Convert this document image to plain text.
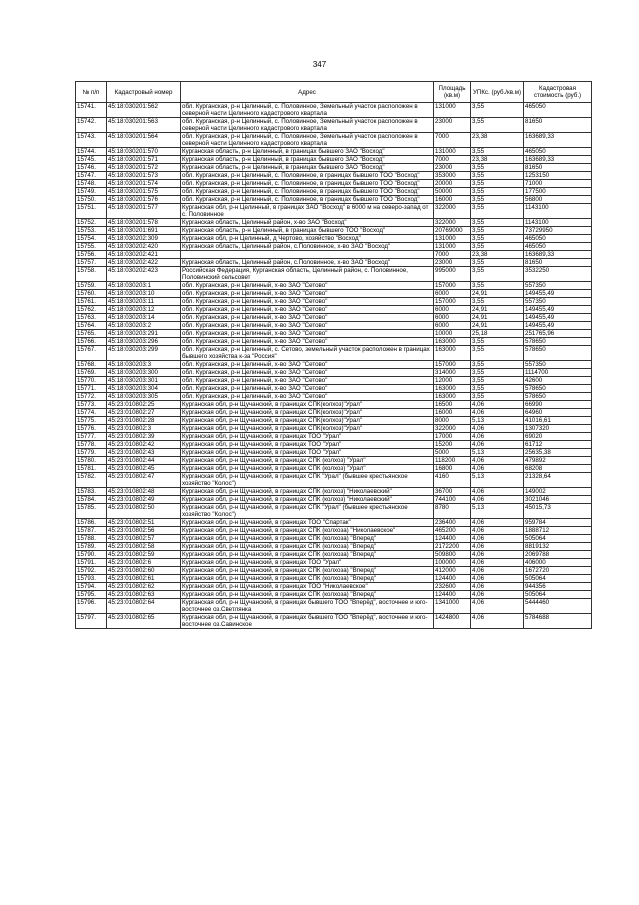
347
№ п/п	Кадастровый номер	Адрес	Площадь (кв.м)	УПКс. (руб./кв.м)	Кадастровая стоимость (руб.)
15741.	45:18:030201:562	обл. Курганская, р-н Целинный, с. Половинное, Земельный участок расположен в северной части Целинного кадастрового квартала	131000	3,55	465050
15742.	45:18:030201:563	обл. Курганская, р-н Целинный, с. Половинное, Земельный участок расположен в северной части Целинного кадастрового квартала	23000	3,55	81650
15743.	45:18:030201:564	обл. Курганская, р-н Целинный, с. Половинное, Земельный участок расположен в северной части Целинного кадастрового квартала	7000	23,38	163689,33
15744.	45:18:030201:570	Курганская область, р-н Целинный, в границах бывшего ЗАО "Восход"	131000	3,55	465050
15745.	45:18:030201:571	Курганская область, р-н Целинный, в границах бывшего ЗАО "Восход"	7000	23,38	163689,33
15746.	45:18:030201:572	Курганская область, р-н Целинный, в границах бывшего ЗАО "Восход"	23000	3,55	81650
15747.	45:18:030201:573	обл. Курганская, р-н Целинный, с. Половинное, в границах бывшего ТОО "Восход"	353000	3,55	1253150
15748.	45:18:030201:574	обл. Курганская, р-н Целинный, с. Половинное, в границах бывшего ТОО "Восход"	20000	3,55	71000
15749.	45:18:030201:575	обл. Курганская, р-н Целинный, с. Половинное, в границах бывшего ТОО "Восход"	50000	3,55	177500
15750.	45:18:030201:576	обл. Курганская, р-н Целинный, с. Половинное, в границах бывшего ТОО "Восход"	16000	3,55	56800
15751.	45:18:030201:577	Курганская обл, р-н Целинный, в границах ЗАО "Восход" в 6000 м на северо-запад от с. Половинное	322000	3,55	1143100
15752.	45:18:030201:578	Курганская область, Целинный район, х-во ЗАО "Восход"	322000	3,55	1143100
15753.	45:18:030201:691	Курганская область, р-н Целинный, в границах бывшего ТОО "Восход"	20769000	3,55	73729950
15754.	45:18:030202:309	Курганская обл, р-н Целинный, д Чертово, хозяйство "Восход"	131000	3,55	465050
15755.	45:18:030202:420	Курганская область, Целинный район, с.Половинное, х-во ЗАО "Восход"	131000	3,55	465050
15756.	45:18:030202:421		7000	23,38	163689,33
15757.	45:18:030202:422	Курганская область, Целинный район, с.Половинное, х-во ЗАО "Восход"	23000	3,55	81650
15758.	45:18:030202:423	Российская Федерация, Курганская область, Целинный район, с. Половинное, Половинский сельсовет	995000	3,55	3532250
15759.	45:18:030203:1	обл. Курганская, р-н Целинный, х-во ЗАО "Сетово"	157000	3,55	557350
15760.	45:18:030203:10	обл. Курганская, р-н Целинный, х-во ЗАО "Сетово"	6000	24,91	149455,49
15761.	45:18:030203:11	обл. Курганская, р-н Целинный, х-во ЗАО "Сетово"	157000	3,55	557350
15762.	45:18:030203:12	обл. Курганская, р-н Целинный, х-во ЗАО "Сетово"	6000	24,91	149455,49
15763.	45:18:030203:14	обл. Курганская, р-н Целинный, х-во ЗАО "Сетово"	6000	24,91	149455,49
15764.	45:18:030203:2	обл. Курганская, р-н Целинный, х-во ЗАО "Сетово"	6000	24,91	149455,49
15765.	45:18:030203:291	обл. Курганская, р-н Целинный, х-во ЗАО "Сетово"	10000	25,18	251765,96
15766.	45:18:030203:296	обл. Курганская, р-н Целинный, х-во ЗАО "Сетово"	163000	3,55	578650
15767.	45:18:030203:299	обл. Курганская, р-н Целинный, с. Сетово, земельный участок расположен в границах бывшего хозяйства к-за "Россия"	163000	3,55	578650
15768.	45:18:030203:3	обл. Курганская, р-н Целинный, х-во ЗАО "Сетово"	157000	3,55	557350
15769.	45:18:030203:300	обл. Курганская, р-н Целинный, х-во ЗАО "Сетово"	314000	3,55	1114700
15770.	45:18:030203:301	обл. Курганская, р-н Целинный, х-во ЗАО "Сетово"	12000	3,55	42600
15771.	45:18:030203:304	обл. Курганская, р-н Целинный, х-во ЗАО "Сетово"	163000	3,55	578650
15772.	45:18:030203:305	обл. Курганская, р-н Целинный, х-во ЗАО "Сетово"	163000	3,55	578650
15773.	45:23:010802:25	Курганская обл, р-н Щучанский, в границах СПК(колхоз)"Урал"	16500	4,06	66990
15774.	45:23:010802:27	Курганская обл, р-н Щучанский, в границах СПК(колхоз)"Урал"	16000	4,06	64960
15775.	45:23:010802:28	Курганская обл, р-н Щучанский, в границах СПК(колхоз)"Урал"	8000	5,13	41016,61
15776.	45:23:010802:3	Курганская обл, р-н Щучанский, в границах СПК(колхоз)"Урал"	322000	4,06	1307320
15777.	45:23:010802:39	Курганская обл, р-н Щучанский, в границах ТОО "Урал"	17000	4,06	69020
15778.	45:23:010802:42	Курганская обл, р-н Щучанский, в границах ТОО "Урал"	15200	4,06	61712
15779.	45:23:010802:43	Курганская обл, р-н Щучанский, в границах ТОО "Урал"	5000	5,13	25635,38
15780.	45:23:010802:44	Курганская обл, р-н Щучанский, в границах СПК (колхоз) "Урал"	118200	4,06	479892
15781.	45:23:010802:45	Курганская обл, р-н Щучанский, в границах СПК (колхоз) "Урал"	16800	4,06	68208
15782.	45:23:010802:47	Курганская обл, р-н Щучанский, в границах СПК "Урал" (бывшее крестьянское хозяйство "Колос")	4160	5,13	21328,64
15783.	45:23:010802:48	Курганская обл, р-н Щучанский, в границах СПК (колхоз) "Николаевский"	36700	4,06	149002
15784.	45:23:010802:49	Курганская обл, р-н Щучанский, в границах СПК (колхоз) "Николаевский"	744100	4,06	3021046
15785.	45:23:010802:50	Курганская обл, р-н Щучанский, в границах СПК "Урал" (бывшее крестьянское хозяйство "Колос")	8780	5,13	45015,73
15786.	45:23:010802:51	Курганская обл, р-н Щучанский, в границах ТОО "Спартак"	236400	4,06	959784
15787.	45:23:010802:56	Курганская обл, р-н Щучанский, в границах СПК (колхоза) "Николаевское"	465200	4,06	1888712
15788.	45:23:010802:57	Курганская обл, р-н Щучанский, в границах СПК (колхоза) "Вперед"	124400	4,06	505064
15789.	45:23:010802:58	Курганская обл, р-н Щучанский, в границах СПК (колхоза) "Вперед"	2172200	4,06	8819132
15790.	45:23:010802:59	Курганская обл, р-н Щучанский, в границах СПК (колхоза) "Вперед"	509800	4,06	2069788
15791.	45:23:010802:6	Курганская обл, р-н Щучанский, в границах ТОО "Урал"	100000	4,06	406000
15792.	45:23:010802:60	Курганская обл, р-н Щучанский, в границах СПК (колхоза) "Вперед"	412000	4,06	1672720
15793.	45:23:010802:61	Курганская обл, р-н Щучанский, в границах СПК (колхоза) "Вперед"	124400	4,06	505064
15794.	45:23:010802:62	Курганская обл, р-н Щучанский, в границах ТОО "Николаевское"	232600	4,06	944356
15795.	45:23:010802:63	Курганская обл, р-н Щучанский, в границах СПК (колхоза) "Вперед"	124400	4,06	505064
15796.	45:23:010802:64	Курганская обл, р-н Щучанский, в границах бывшего ТОО "Вперёд", восточнее и юго-восточнее оз.Светлянка	1341000	4,06	5444460
15797.	45:23:010802:65	Курганская обл, р-н Щучанский, в границах бывшего ТОО "Вперёд", восточнее и юго-восточнее оз.Савинское	1424800	4,06	5784688
